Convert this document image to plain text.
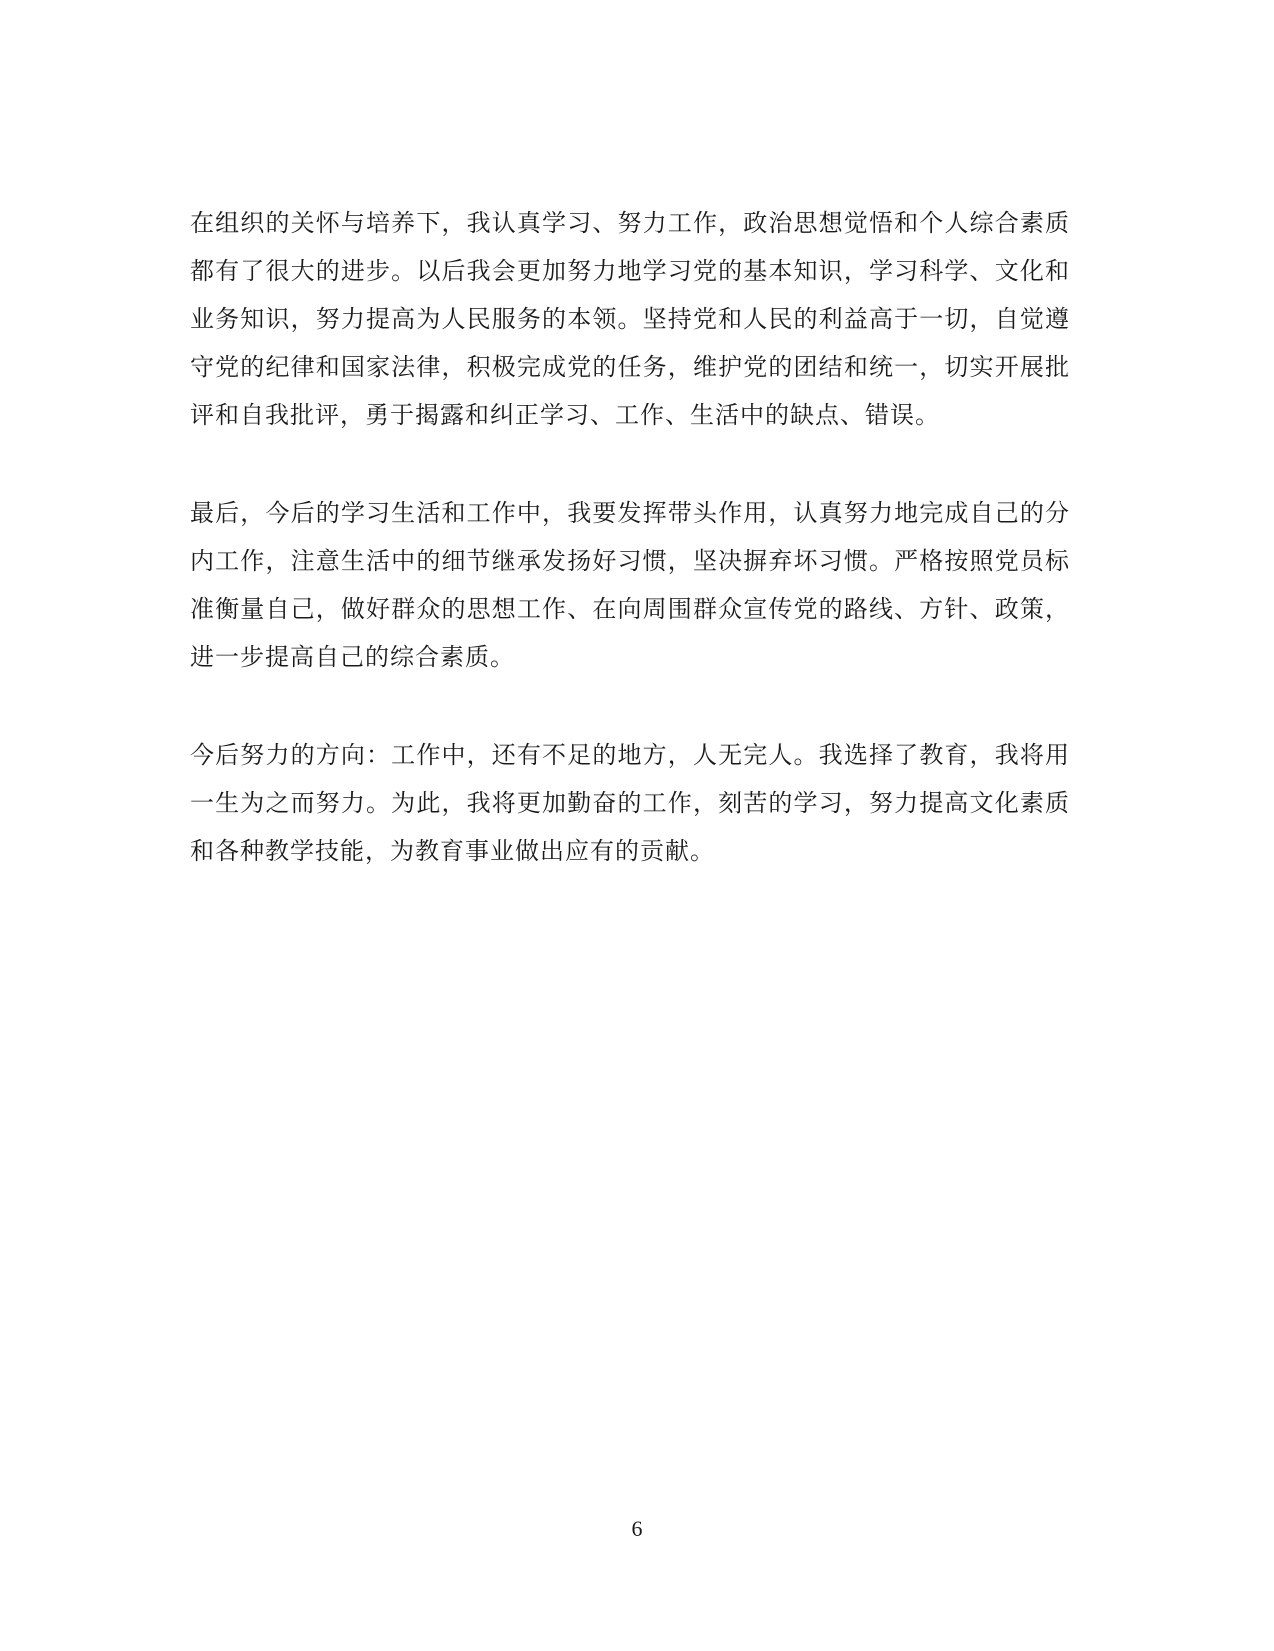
在组织的关怀与培养下，我认真学习、努力工作，政治思想觉悟和个人综合素质都有了很大的进步。以后我会更加努力地学习党的基本知识，学习科学、文化和业务知识，努力提高为人民服务的本领。坚持党和人民的利益高于一切，自觉遵守党的纪律和国家法律，积极完成党的任务，维护党的团结和统一，切实开展批评和自我批评，勇于揭露和纠正学习、工作、生活中的缺点、错误。

最后，今后的学习生活和工作中，我要发挥带头作用，认真努力地完成自己的分内工作，注意生活中的细节继承发扬好习惯，坚决摒弃坏习惯。严格按照党员标准衡量自己，做好群众的思想工作、在向周围群众宣传党的路线、方针、政策，进一步提高自己的综合素质。

今后努力的方向：工作中，还有不足的地方，人无完人。我选择了教育，我将用一生为之而努力。为此，我将更加勤奋的工作，刻苦的学习，努力提高文化素质和各种教学技能，为教育事业做出应有的贡献。

6
